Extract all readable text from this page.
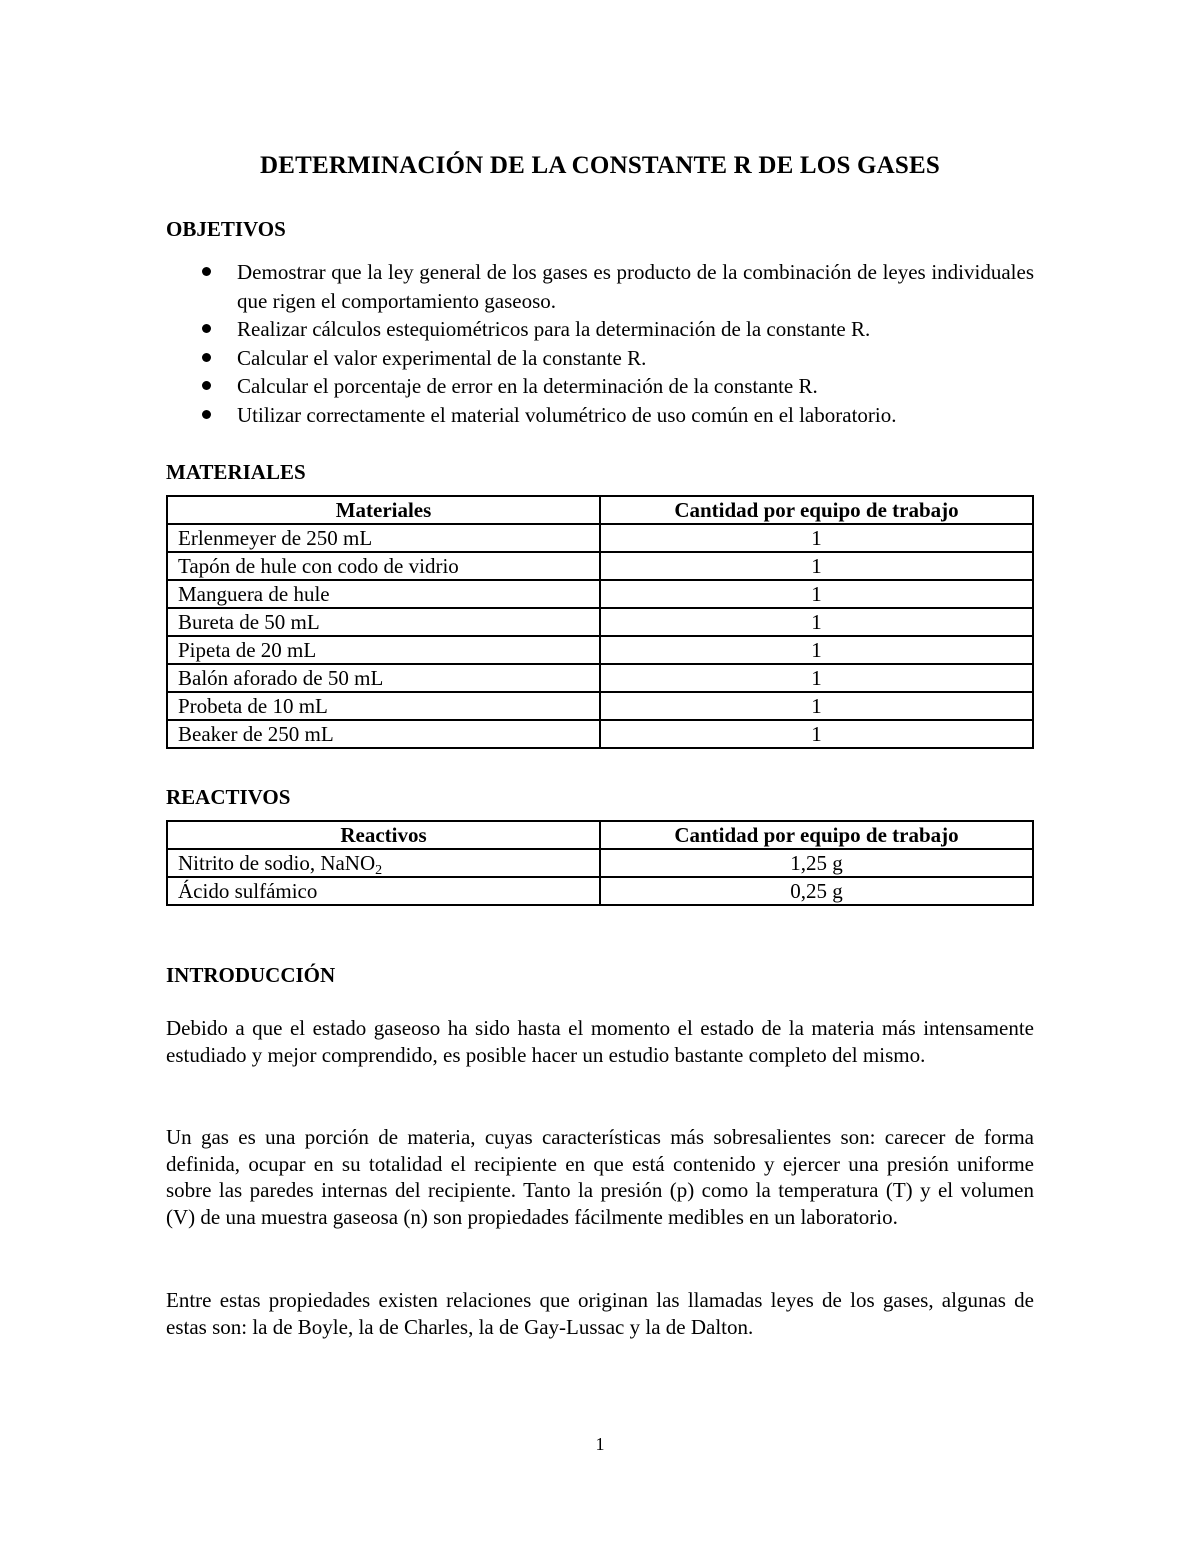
DETERMINACIÓN DE LA CONSTANTE R DE LOS GASES
OBJETIVOS
Demostrar que la ley general de los gases es producto de la combinación de leyes individuales que rigen el comportamiento gaseoso.
Realizar cálculos estequiométricos para la determinación de la constante R.
Calcular el valor experimental de la constante R.
Calcular el porcentaje de error en la determinación de la constante R.
Utilizar correctamente el material volumétrico de uso común en el laboratorio.
MATERIALES
Materiales	Cantidad por equipo de trabajo
Erlenmeyer de 250 mL	1
Tapón de hule con codo de vidrio	1
Manguera de hule	1
Bureta de 50 mL	1
Pipeta de 20 mL	1
Balón aforado de 50 mL	1
Probeta de 10 mL	1
Beaker de 250 mL	1
REACTIVOS
Reactivos	Cantidad por equipo de trabajo
Nitrito de sodio, NaNO$_2$	1,25 g
Ácido sulfámico	0,25 g
INTRODUCCIÓN

Debido a que el estado gaseoso ha sido hasta el momento el estado de la materia más intensamente estudiado y mejor comprendido, es posible hacer un estudio bastante completo del mismo.

Un gas es una porción de materia, cuyas características más sobresalientes son: carecer de forma definida, ocupar en su totalidad el recipiente en que está contenido y ejercer una presión uniforme sobre las paredes internas del recipiente. Tanto la presión (p) como la temperatura (T) y el volumen (V) de una muestra gaseosa (n) son propiedades fácilmente medibles en un laboratorio.

Entre estas propiedades existen relaciones que originan las llamadas leyes de los gases, algunas de estas son: la de Boyle, la de Charles, la de Gay-Lussac y la de Dalton.

1
